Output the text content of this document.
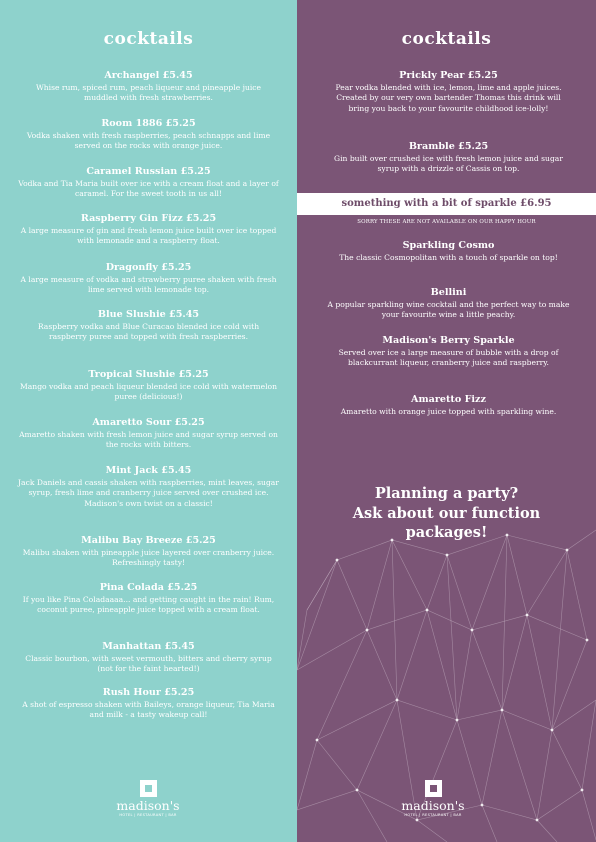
cocktails
Archangel £5.45
Whise rum, spiced rum, peach liqueur and pineapple juice muddled with fresh strawberries.
Room 1886 £5.25
Vodka shaken with fresh raspberries, peach schnapps and lime served on the rocks with orange juice.
Caramel Russian £5.25
Vodka and Tia Maria built over ice with a cream float and a layer of caramel. For the sweet tooth in us all!
Raspberry Gin Fizz £5.25
A large measure of gin and fresh lemon juice built over ice topped with lemonade and a raspberry float.
Dragonfly £5.25
A large measure of vodka and strawberry puree shaken with fresh lime served with lemonade top.
Blue Slushie £5.45
Raspberry vodka and Blue Curacao blended ice cold with raspberry puree and topped with fresh raspberries.
Tropical Slushie £5.25
Mango vodka and peach liqueur blended ice cold with watermelon puree (delicious!)
Amaretto Sour £5.25
Amaretto shaken with fresh lemon juice and sugar syrup served on the rocks with bitters.
Mint Jack £5.45
Jack Daniels and cassis shaken with raspberries, mint leaves, sugar syrup, fresh lime and cranberry juice served over crushed ice. Madison's own twist on a classic!
Malibu Bay Breeze £5.25
Malibu shaken with pineapple juice layered over cranberry juice. Refreshingly tasty!
Pina Colada £5.25
If you like Pina Coladaaaa... and getting caught in the rain! Rum, coconut puree, pineapple juice topped with a cream float.
Manhattan £5.45
Classic bourbon, with sweet vermouth, bitters and cherry syrup (not for the faint hearted!)
Rush Hour £5.25
A shot of espresso shaken with Baileys, orange liqueur, Tia Maria and milk - a tasty wakeup call!
madison's
HOTEL | RESTAURANT | BAR
cocktails
Prickly Pear £5.25
Pear vodka blended with ice, lemon, lime and apple juices. Created by our very own bartender Thomas this drink will bring you back to your favourite childhood ice-lolly!
Bramble £5.25
Gin built over crushed ice with fresh lemon juice and sugar syrup with a drizzle of Cassis on top.
Sparkling Cosmo
The classic Cosmopolitan with a touch of sparkle on top!
Bellini
A popular sparkling wine cocktail and the perfect way to make your favourite wine a little peachy.
Madison's Berry Sparkle
Served over ice a large measure of bubble with a drop of blackcurrant liqueur, cranberry juice and raspberry.
Amaretto Fizz
Amaretto with orange juice topped with sparkling wine.
something with a bit of sparkle £6.95
SORRY THESE ARE NOT AVAILABLE ON OUR HAPPY HOUR
Planning a party?
Ask about our function
packages!
madison's
HOTEL | RESTAURANT | BAR
